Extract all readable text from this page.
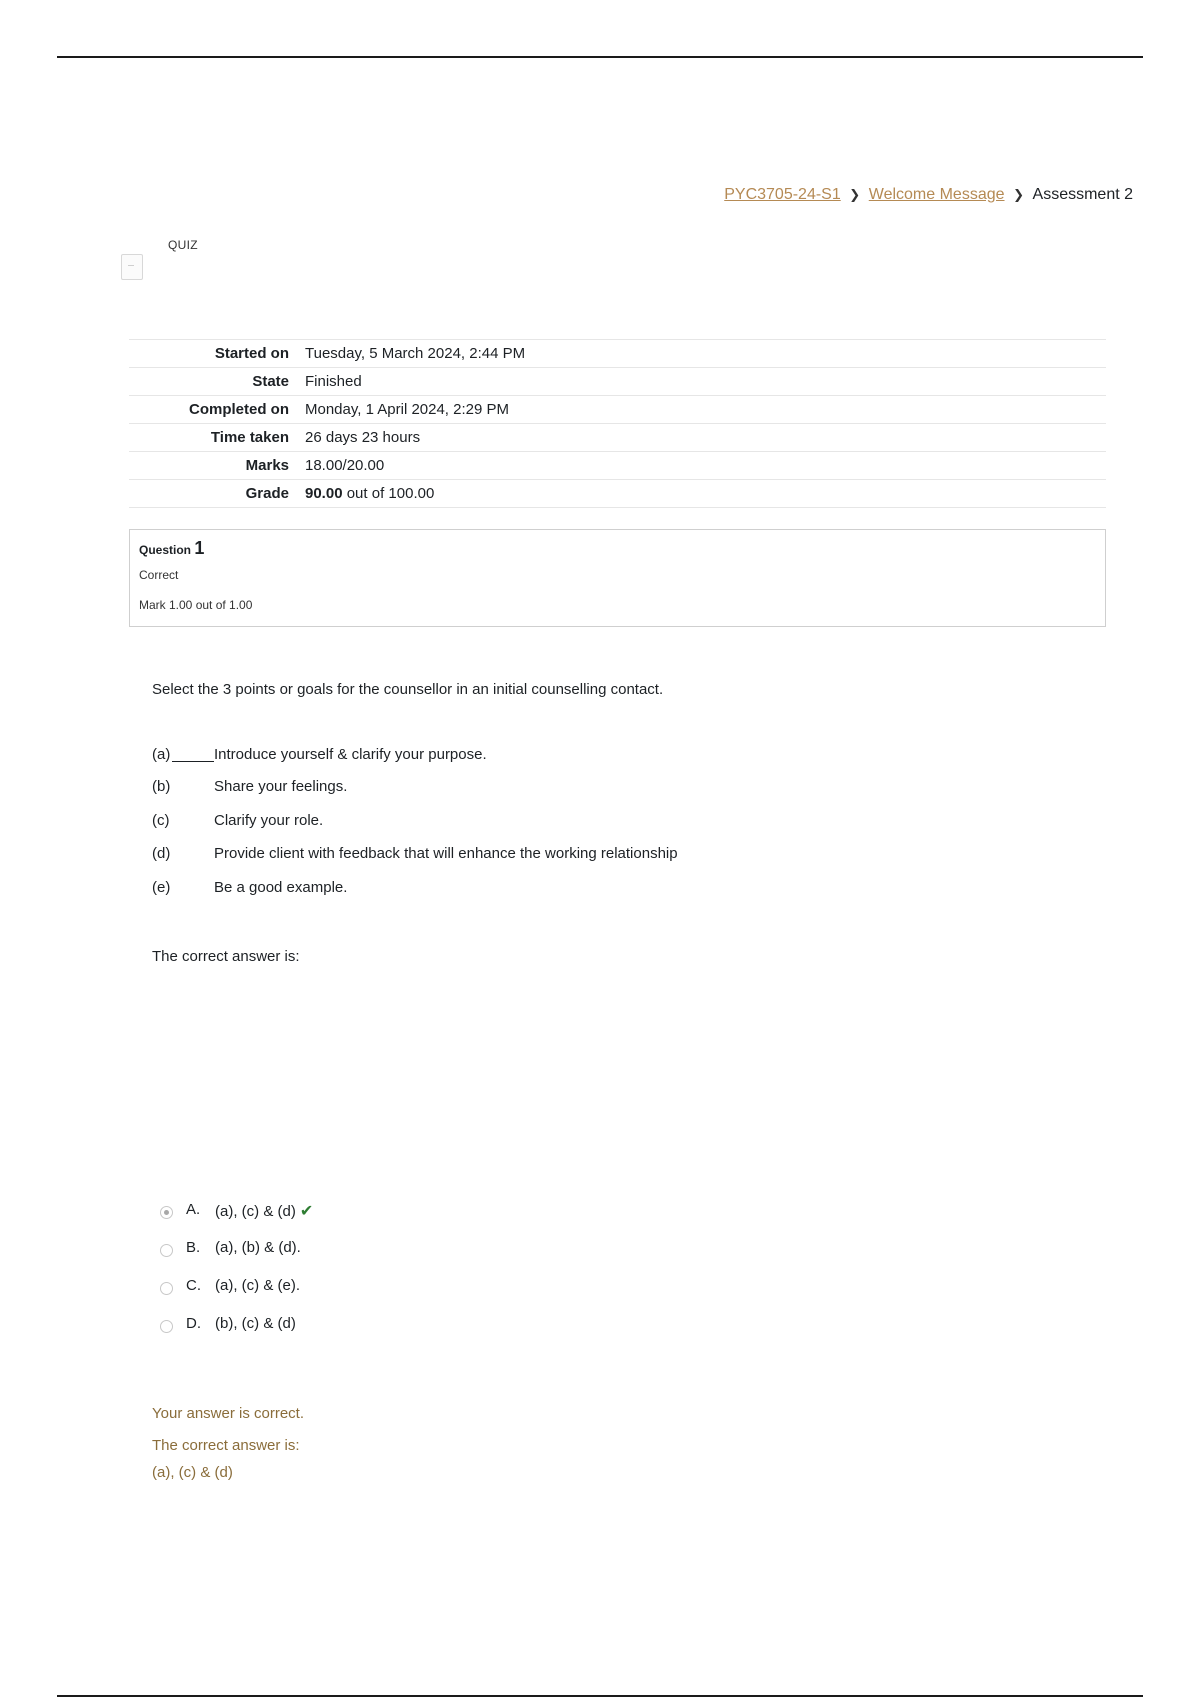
PYC3705-24-S1 ❯ Welcome Message ❯ Assessment 2
QUIZ
Started on	Tuesday, 5 March 2024, 2:44 PM
State	Finished
Completed on	Monday, 1 April 2024, 2:29 PM
Time taken	26 days 23 hours
Marks	18.00/20.00
Grade	90.00 out of 100.00
Question 1
Correct
Mark 1.00 out of 1.00
Select the 3 points or goals for the counsellor in an initial counselling contact.
(a)	Introduce yourself & clarify your purpose.
(b)	Share your feelings.
(c)	Clarify your role.
(d)	Provide client with feedback that will enhance the working relationship
(e)	Be a good example.
The correct answer is:
A. (a), (c) & (d) ✔
B. (a), (b) & (d).
C. (a), (c) & (e).
D. (b), (c) & (d)
Your answer is correct.
The correct answer is:
(a), (c) & (d)
